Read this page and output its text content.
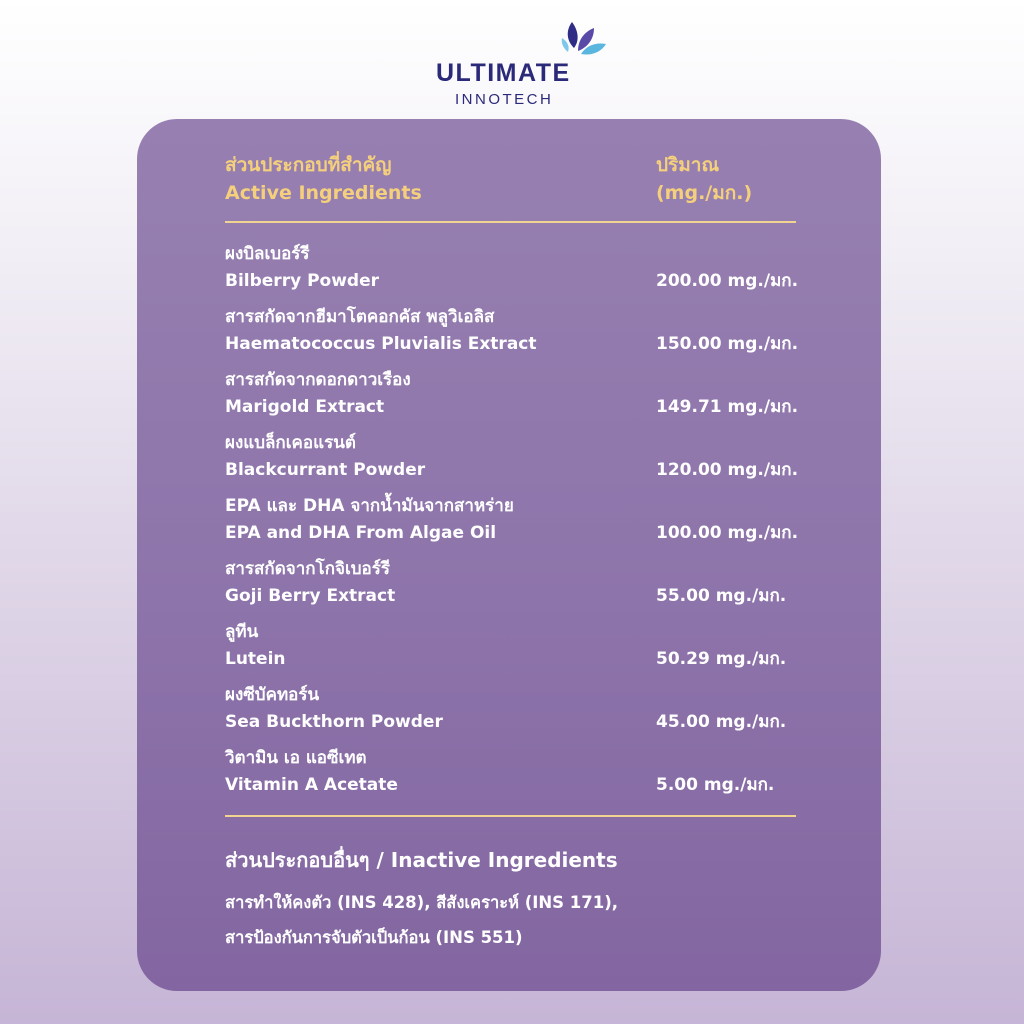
ULTIMATE
INNOTECH
ส่วนประกอบที่สำคัญ
Active Ingredients
ปริมาณ
(mg./มก.)
ผงบิลเบอร์รี
Bilberry Powder	200.00 mg./มก.
สารสกัดจากฮีมาโตคอกคัส พลูวิเอลิส
Haematococcus Pluvialis Extract	150.00 mg./มก.
สารสกัดจากดอกดาวเรือง
Marigold Extract	149.71 mg./มก.
ผงแบล็กเคอแรนต์
Blackcurrant Powder	120.00 mg./มก.
EPA และ DHA จากน้ำมันจากสาหร่าย
EPA and DHA From Algae Oil	100.00 mg./มก.
สารสกัดจากโกจิเบอร์รี
Goji Berry Extract	55.00 mg./มก.
ลูทีน
Lutein	50.29 mg./มก.
ผงซีบัคทอร์น
Sea Buckthorn Powder	45.00 mg./มก.
วิตามิน เอ แอซีเทต
Vitamin A Acetate	5.00 mg./มก.
ส่วนประกอบอื่นๆ / Inactive Ingredients
สารทำให้คงตัว (INS 428), สีสังเคราะห์ (INS 171),
สารป้องกันการจับตัวเป็นก้อน (INS 551)
